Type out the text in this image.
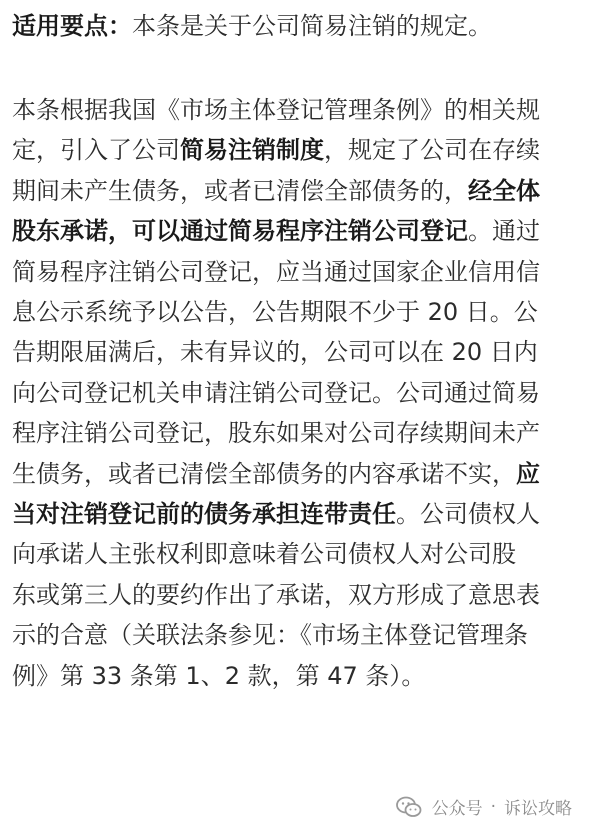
适用要点：本条是关于公司简易注销的规定。
本条根据我国《市场主体登记管理条例》的相关规
定，引入了公司简易注销制度，规定了公司在存续
期间未产生债务，或者已清偿全部债务的，经全体
股东承诺，可以通过简易程序注销公司登记。通过
简易程序注销公司登记，应当通过国家企业信用信
息公示系统予以公告，公告期限不少于 20 日。公
告期限届满后，未有异议的，公司可以在 20 日内
向公司登记机关申请注销公司登记。公司通过简易
程序注销公司登记，股东如果对公司存续期间未产
生债务，或者已清偿全部债务的内容承诺不实，应
当对注销登记前的债务承担连带责任。公司债权人
向承诺人主张权利即意味着公司债权人对公司股
东或第三人的要约作出了承诺，双方形成了意思表
示的合意（关联法条参见：《市场主体登记管理条
例》第 33 条第 1、2 款，第 47 条）。
公众号 · 诉讼攻略
